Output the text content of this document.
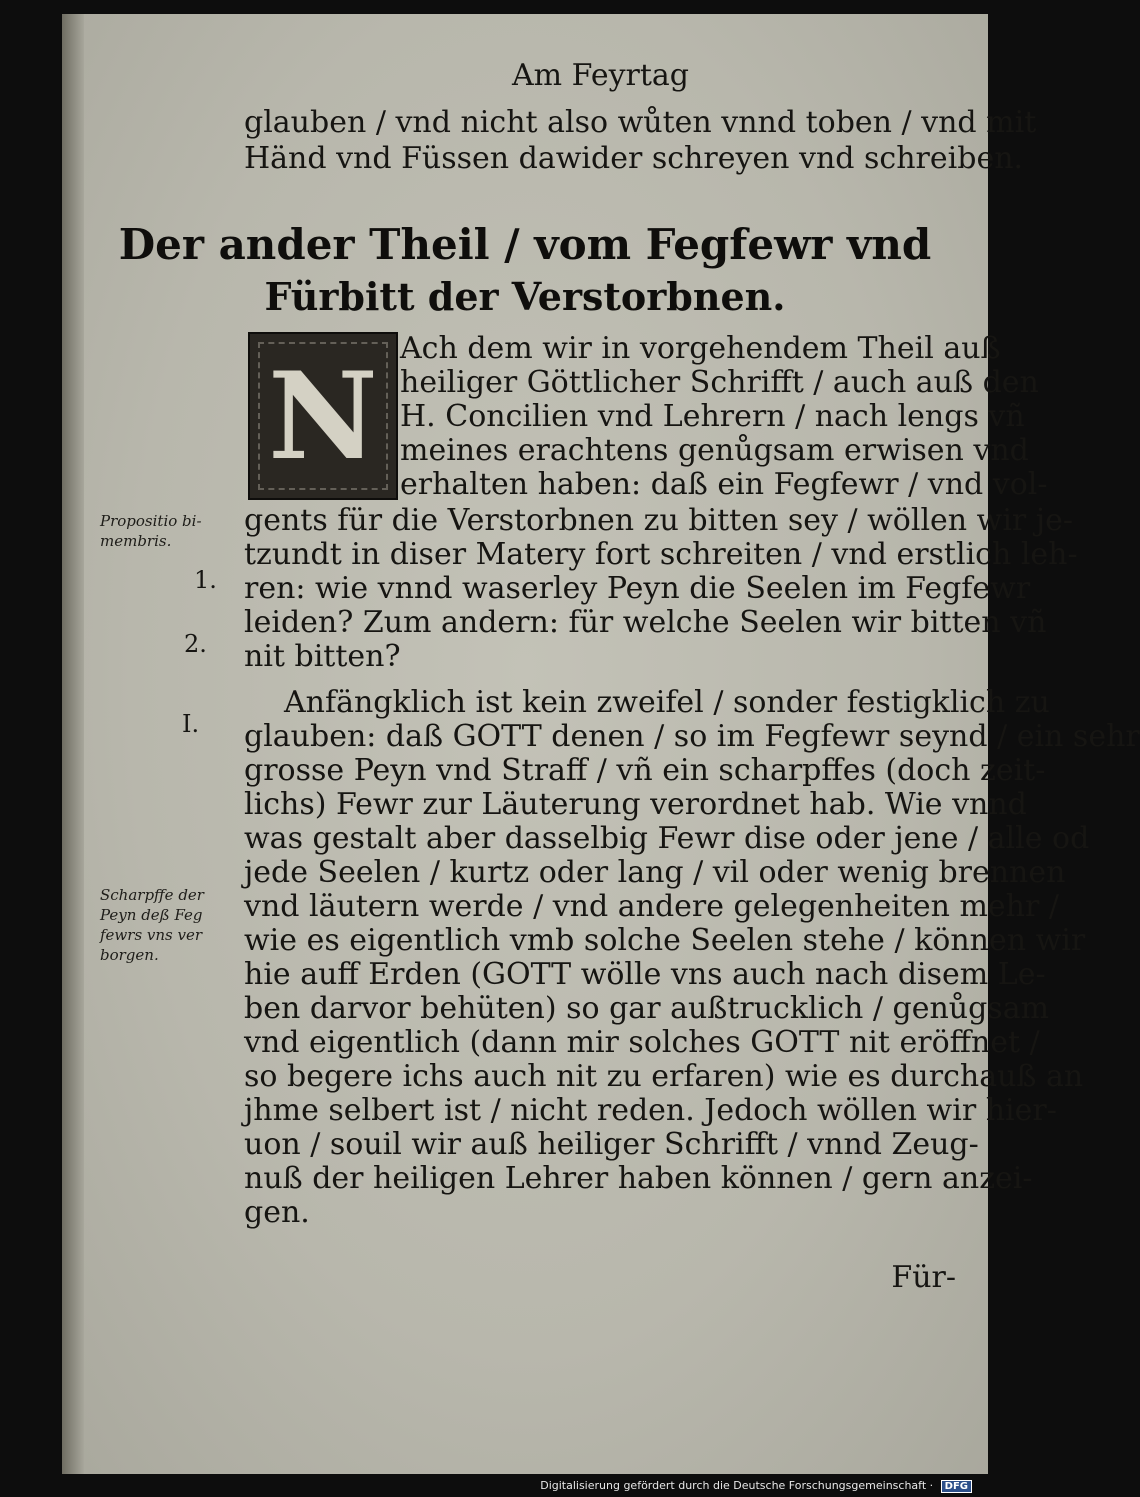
Am Feyrtag

glauben / vnd nicht also wůten vnnd toben / vnd mit

Händ vnd Füssen dawider schreyen vnd schreiben.

Der ander Theil / vom Fegfewr vnd
Fürbitt der Verstorbnen.
N Ach dem wir in vorgehendem Theil auß

heiliger Göttlicher Schrifft / auch auß den

H. Concilien vnd Lehrern / nach lengs vñ

meines erachtens genůgsam erwisen vnd

erhalten haben: daß ein Fegfewr / vnd vol-

gents für die Verstorbnen zu bitten sey / wöllen wir je-

tzundt in diser Matery fort schreiten / vnd erstlich leh-

ren: wie vnnd waserley Peyn die Seelen im Fegfewr

leiden? Zum andern: für welche Seelen wir bitten vñ

nit bitten?

Anfängklich ist kein zweifel / sonder festigklich zu

glauben: daß GOTT denen / so im Fegfewr seynd / ein sehr

grosse Peyn vnd Straff / vñ ein scharpffes (doch zeit-

lichs) Fewr zur Läuterung verordnet hab. Wie vnnd

was gestalt aber dasselbig Fewr dise oder jene / alle od

jede Seelen / kurtz oder lang / vil oder wenig brennen

vnd läutern werde / vnd andere gelegenheiten mehr /

wie es eigentlich vmb solche Seelen stehe / können wir

hie auff Erden (GOTT wölle vns auch nach disem Le-

ben darvor behüten) so gar außtrucklich / genůgsam

vnd eigentlich (dann mir solches GOTT nit eröffnet /

so begere ichs auch nit zu erfaren) wie es durchauß an

jhme selbert ist / nicht reden. Jedoch wöllen wir hier-

uon / souil wir auß heiliger Schrifft / vnnd Zeug-

nuß der heiligen Lehrer haben können / gern anzei-

gen.

Für-

Propositio bi-

membris.

1.
2.
I.

Scharpffe der

Peyn deß Feg

fewrs vns ver

borgen.

Digitalisierung gefördert durch die Deutsche Forschungsgemeinschaft · DFG
